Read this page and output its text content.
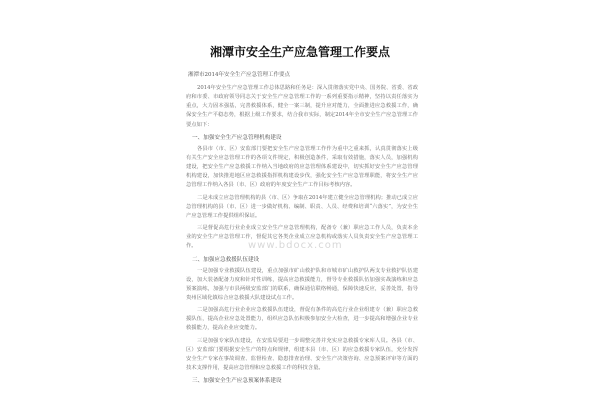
湘潭市安全生产应急管理工作要点
湘潭市2014年安全生产应急管理工作要点

2014年安全生产应急管理工作总体思路和任务是：深入贯彻落实党中央、国务院、省委、省政府和市委、市政府领导同志关于安全生产应急管理工作的一系列重要指示精神，坚持以责任落实为重点，大力固本强基，完善救援体系，健全一案三制，提升应对能力，全面推进应急救援工作，确保安全生产平稳态势，根据上级工作要求，结合我市实际，制定2014年全市安全生产应急管理工作要点如下：

一、加强安全生产应急管理机构建设

各县市（市、区）安监部门要把安全生产应急管理工作作为重中之重来抓，认真贯彻落实上级有关生产安全应急管理工作的各项文件规定，积极创造条件，采取有效措施，落实人员，加强机构建设，把安全生产应急救援工作纳入当地政府的应急管理体系建设中，切实抓好安全生产应急管理机构建设，加快推进地区应急救援指挥机构建设步伐，强化安全生产应急管理职能，将安全生产应急管理工作纳入各县（市、区）政府的年度安全生产工作目标考核内容。

二是未成立应急管理机构的县（市、区）争取在2014年建立健全应急管理机构；推动已成立应急管理机构的县（市、区）进一步做好机构、编制、职责、人员、经费和培训“六落实”，为安全生产应急管理工作提供组织保证。

三是督促高危行业企业成立安全生产应急管理机构，配备专（兼）职应急工作人员，负责本企业的安全生产应急管理工作，督促其它各类企业成立应急机构或落实人员负责安全生产应急管理工作。

二、加强应急救援队伍建设

一是加强专业救援队伍建设，重点加强市矿山救护队和市城市矿山救护队两支专业救护队伍建设，加大装备配备力度和针对性训练，提高应急救援能力，督导专业救援队伍加强实战演练和应急预案演练，加强与市县两级安监部门的联系，确保通信联络畅通，保障快速反应，妥善处置，指导贵州区域化镇综合应急救援大队建设试点工作。

二是加强高危行业企业应急救援队伍建设，督促有条件的高危行业企业组建专（兼）职应急救援队伍，提高企业应急处置能力，组织应急队伍积极参加安全大检查，进一步提高和增强企业专业救援能力，提高企业应变能力。

三是加强专家队伍建设，在安监局要进一步调整完善并充实应急救援专家库人员。各县（市、区）安监部门要根据安全生产的特点和规律，组建本县（市、区）的应急救援专家队伍，充分发挥安全生产专家在事故调查、监督检查、隐患排查治理、安全生产决策咨询、应急预案评审等方面的技术支撑作用，提高应急管理和应急救援工作的科技含量。

三、加强安全生产应急预案体系建设
www.bdocx.com
